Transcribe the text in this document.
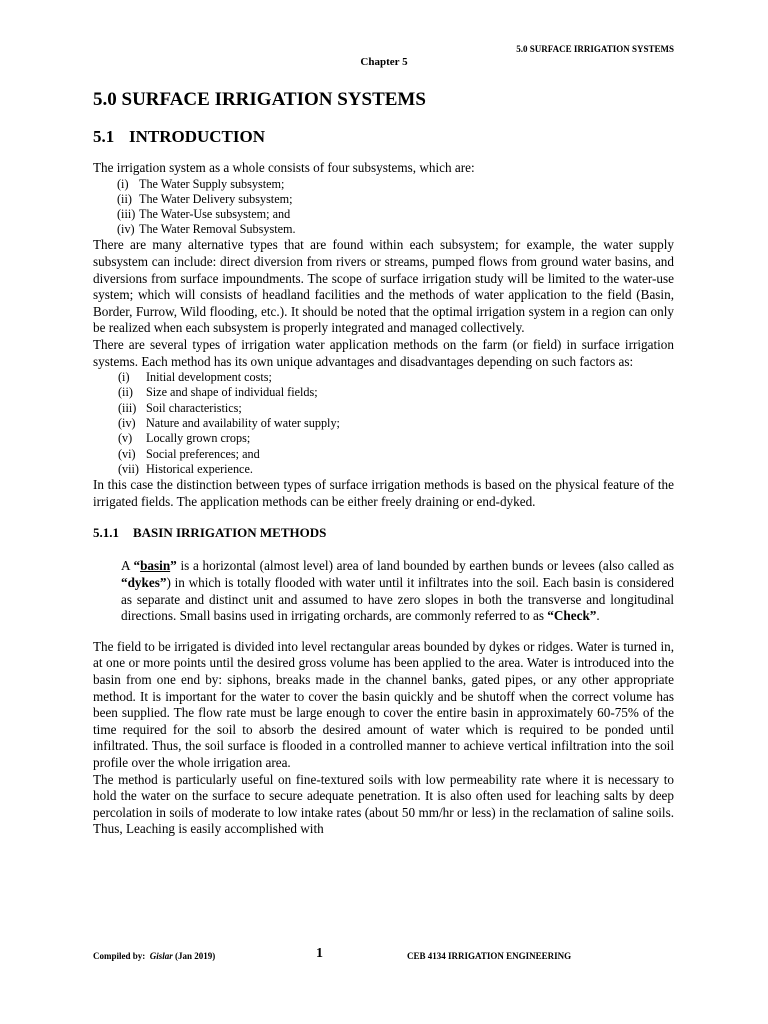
5.0 SURFACE IRRIGATION SYSTEMS
Chapter 5
5.0 SURFACE IRRIGATION SYSTEMS
5.1 INTRODUCTION

The irrigation system as a whole consists of four subsystems, which are:

(i) The Water Supply subsystem;
(ii) The Water Delivery subsystem;
(iii) The Water-Use subsystem; and
(iv) The Water Removal Subsystem.

There are many alternative types that are found within each subsystem; for example, the water supply subsystem can include: direct diversion from rivers or streams, pumped flows from ground water basins, and diversions from surface impoundments. The scope of surface irrigation study will be limited to the water-use system; which will consists of headland facilities and the methods of water application to the field (Basin, Border, Furrow, Wild flooding, etc.). It should be noted that the optimal irrigation system in a region can only be realized when each subsystem is properly integrated and managed collectively.

There are several types of irrigation water application methods on the farm (or field) in surface irrigation systems. Each method has its own unique advantages and disadvantages depending on such factors as:

(i) Initial development costs;
(ii) Size and shape of individual fields;
(iii) Soil characteristics;
(iv) Nature and availability of water supply;
(v) Locally grown crops;
(vi) Social preferences; and
(vii) Historical experience.

In this case the distinction between types of surface irrigation methods is based on the physical feature of the irrigated fields. The application methods can be either freely draining or end-dyked.

5.1.1 BASIN IRRIGATION METHODS

A “basin” is a horizontal (almost level) area of land bounded by earthen bunds or levees (also called as “dykes”) in which is totally flooded with water until it infiltrates into the soil. Each basin is considered as separate and distinct unit and assumed to have zero slopes in both the transverse and longitudinal directions. Small basins used in irrigating orchards, are commonly referred to as “Check”.

The field to be irrigated is divided into level rectangular areas bounded by dykes or ridges. Water is turned in, at one or more points until the desired gross volume has been applied to the area. Water is introduced into the basin from one end by: siphons, breaks made in the channel banks, gated pipes, or any other appropriate method. It is important for the water to cover the basin quickly and be shutoff when the correct volume has been supplied. The flow rate must be large enough to cover the entire basin in approximately 60-75% of the time required for the soil to absorb the desired amount of water which is required to be ponded until infiltrated. Thus, the soil surface is flooded in a controlled manner to achieve vertical infiltration into the soil profile over the whole irrigation area.

The method is particularly useful on fine-textured soils with low permeability rate where it is necessary to hold the water on the surface to secure adequate penetration. It is also often used for leaching salts by deep percolation in soils of moderate to low intake rates (about 50 mm/hr or less) in the reclamation of saline soils. Thus, Leaching is easily accomplished with

Compiled by: Gislar (Jan 2019)	1	CEB 4134 IRRIGATION ENGINEERING
